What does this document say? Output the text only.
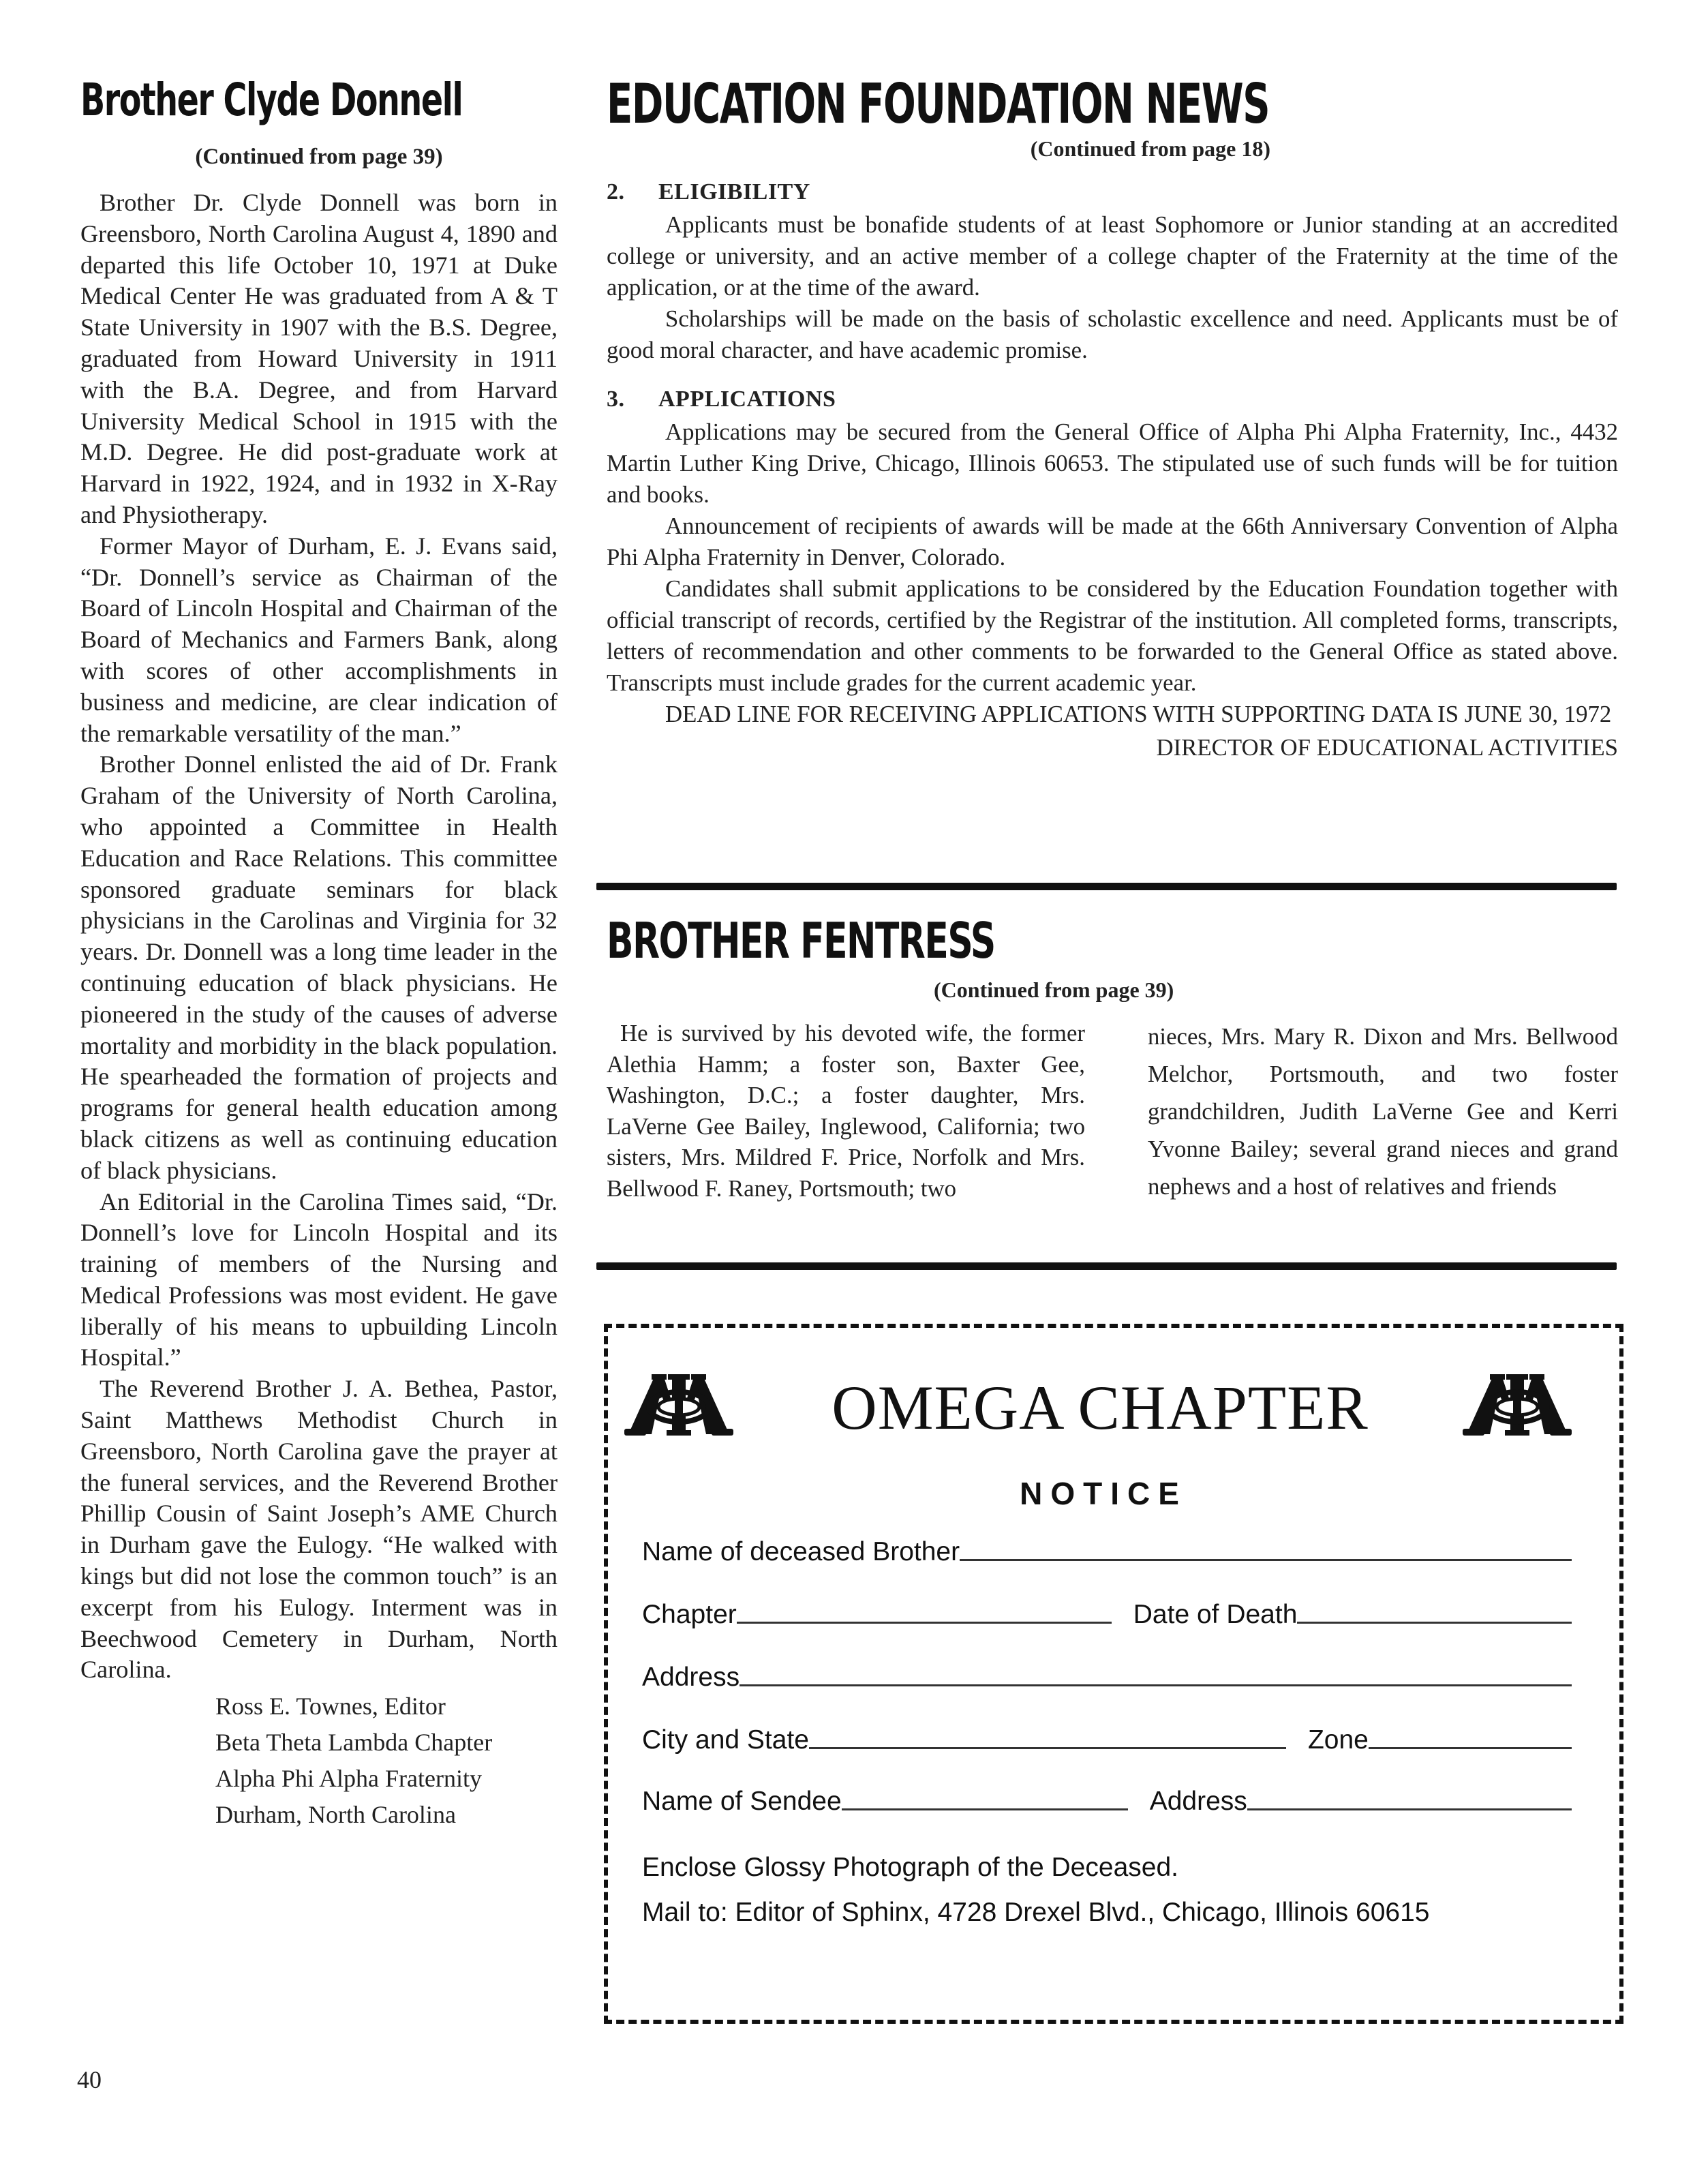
Brother Clyde Donnell
(Continued from page 39)

Brother Dr. Clyde Donnell was born in Greensboro, North Carolina August 4, 1890 and departed this life October 10, 1971 at Duke Medical Center He was graduated from A & T State University in 1907 with the B.S. Degree, graduated from Howard University in 1911 with the B.A. Degree, and from Harvard University Medical School in 1915 with the M.D. Degree. He did post-graduate work at Harvard in 1922, 1924, and in 1932 in X-Ray and Physiotherapy.

Former Mayor of Durham, E. J. Evans said, “Dr. Donnell’s service as Chairman of the Board of Lincoln Hospital and Chairman of the Board of Mechanics and Farmers Bank, along with scores of other accomplishments in business and medicine, are clear indication of the remarkable versatility of the man.”

Brother Donnel enlisted the aid of Dr. Frank Graham of the University of North Carolina, who appointed a Committee in Health Education and Race Relations. This committee sponsored graduate seminars for black physicians in the Carolinas and Virginia for 32 years. Dr. Donnell was a long time leader in the continuing education of black physicians. He pioneered in the study of the causes of adverse mortality and morbidity in the black population. He spearheaded the formation of projects and programs for general health education among black citizens as well as continuing education of black physicians.

An Editorial in the Carolina Times said, “Dr. Donnell’s love for Lincoln Hospital and its training of members of the Nursing and Medical Professions was most evident. He gave liberally of his means to upbuilding Lincoln Hospital.”

The Reverend Brother J. A. Bethea, Pastor, Saint Matthews Methodist Church in Greensboro, North Carolina gave the prayer at the funeral services, and the Reverend Brother Phillip Cousin of Saint Joseph’s AME Church in Durham gave the Eulogy. “He walked with kings but did not lose the common touch” is an excerpt from his Eulogy. Interment was in Beechwood Cemetery in Durham, North Carolina.

Ross E. Townes, Editor
Beta Theta Lambda Chapter
Alpha Phi Alpha Fraternity
Durham, North Carolina
40
EDUCATION FOUNDATION NEWS
(Continued from page 18)
2. ELIGIBILITY

Applicants must be bonafide students of at least Sophomore or Junior standing at an accredited college or university, and an active member of a college chapter of the Fraternity at the time of the application, or at the time of the award.

Scholarships will be made on the basis of scholastic excellence and need. Applicants must be of good moral character, and have academic promise.

3. APPLICATIONS

Applications may be secured from the General Office of Alpha Phi Alpha Fraternity, Inc., 4432 Martin Luther King Drive, Chicago, Illinois 60653. The stipulated use of such funds will be for tuition and books.

Announcement of recipients of awards will be made at the 66th Anniversary Convention of Alpha Phi Alpha Fraternity in Denver, Colorado.

Candidates shall submit applications to be considered by the Education Foundation together with official transcript of records, certified by the Registrar of the institution. All completed forms, transcripts, letters of recommendation and other comments to be forwarded to the General Office as stated above. Transcripts must include grades for the current academic year.

DEAD LINE FOR RECEIVING APPLICATIONS WITH SUPPORTING DATA IS JUNE 30, 1972

DIRECTOR OF EDUCATIONAL ACTIVITIES
BROTHER FENTRESS
(Continued from page 39)

He is survived by his devoted wife, the former Alethia Hamm; a foster son, Baxter Gee, Washington, D.C.; a foster daughter, Mrs. LaVerne Gee Bailey, Inglewood, California; two sisters, Mrs. Mildred F. Price, Norfolk and Mrs. Bellwood F. Raney, Portsmouth; two

nieces, Mrs. Mary R. Dixon and Mrs. Bellwood Melchor, Portsmouth, and two foster grandchildren, Judith LaVerne Gee and Kerri Yvonne Bailey; several grand nieces and grand nephews and a host of relatives and friends

OMEGA CHAPTER
NOTICE
Name of deceased Brother
Chapter	Date of Death
Address
City and State	Zone
Name of Sendee	Address
Enclose Glossy Photograph of the Deceased.
Mail to: Editor of Sphinx, 4728 Drexel Blvd., Chicago, Illinois 60615
